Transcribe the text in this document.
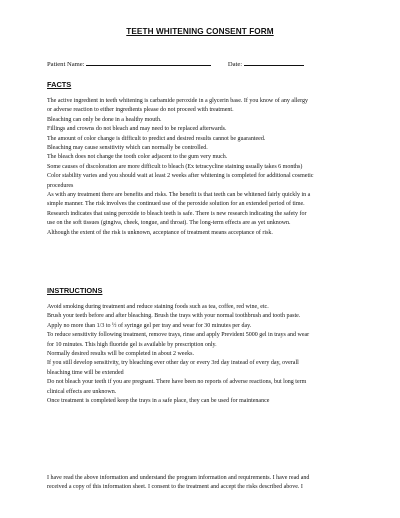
TEETH WHITENING CONSENT FORM
Patient Name:	Date:
FACTS

The active ingredient in teeth whitening is carbamide peroxide in a glycerin base. If you know of any allergy

or adverse reaction to either ingredients please do not proceed with treatment.

Bleaching can only be done in a healthy mouth.

Fillings and crowns do not bleach and may need to be replaced afterwards.

The amount of color change is difficult to predict and desired results cannot be guaranteed.

Bleaching may cause sensitivity which can normally be controlled.

The bleach does not change the tooth color adjacent to the gum very much.

Some causes of discoloration are more difficult to bleach (Ex tetracycline staining usually takes 6 months)

Color stability varies and you should wait at least 2 weeks after whitening is completed for additional cosmetic

procedures

As with any treatment there are benefits and risks. The benefit is that teeth can be whitened fairly quickly in a

simple manner. The risk involves the continued use of the peroxide solution for an extended period of time.

Research indicates that using peroxide to bleach teeth is safe. There is new research indicating the safety for

use on the soft tissues (gingiva, cheek, tongue, and throat). The long-term effects are as yet unknown.

Although the extent of the risk is unknown, acceptance of treatment means acceptance of risk.

INSTRUCTIONS

Avoid smoking during treatment and reduce staining foods such as tea, coffee, red wine, etc.

Brush your teeth before and after bleaching. Brush the trays with your normal toothbrush and tooth paste.

Apply no more than 1/3 to ½ of syringe gel per tray and wear for 30 minutes per day.

To reduce sensitivity following treatment, remove trays, rinse and apply Prevident 5000 gel in trays and wear

for 10 minutes. This high fluoride gel is available by prescription only.

Normally desired results will be completed in about 2 weeks.

If you still develop sensitivity, try bleaching ever other day or every 3rd day instead of every day, overall

bleaching time will be extended

Do not bleach your teeth if you are pregnant. There have been no reports of adverse reactions, but long term

clinical effects are unknown.

Once treatment is completed keep the trays in a safe place, they can be used for maintenance

I have read the above information and understand the program information and requirements. I have read and

received a copy of this information sheet. I consent to the treatment and accept the risks described above. I
